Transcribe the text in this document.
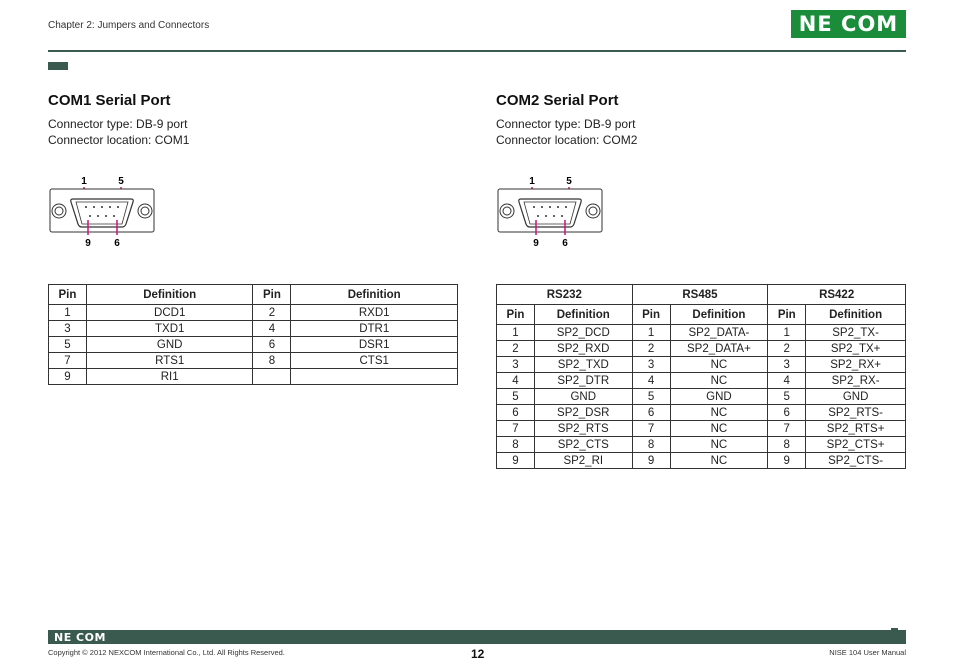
Chapter 2: Jumpers and Connectors	NE COM
COM1 Serial Port
Connector type: DB-9 port
Connector location: COM1
1	5
9 6
Pin	Definition	Pin	Definition
1	DCD1	2	RXD1
3	TXD1	4	DTR1
5	GND	6	DSR1
7	RTS1	8	CTS1
9	RI1		
COM2 Serial Port
Connector type: DB-9 port
Connector location: COM2
1	5
9 6
RS232		RS485		RS422	
Pin	Definition	Pin	Definition	Pin	Definition
1	SP2_DCD	1	SP2_DATA-	1	SP2_TX-
2	SP2_RXD	2	SP2_DATA+	2	SP2_TX+
3	SP2_TXD	3	NC	3	SP2_RX+
4	SP2_DTR	4	NC	4	SP2_RX-
5	GND	5	GND	5	GND
6	SP2_DSR	6	NC	6	SP2_RTS-
7	SP2_RTS	7	NC	7	SP2_RTS+
8	SP2_CTS	8	NC	8	SP2_CTS+
9	SP2_RI	9	NC	9	SP2_CTS-
NE COM
Copyright © 2012 NEXCOM International Co., Ltd. All Rights Reserved.	12	NISE 104 User Manual
